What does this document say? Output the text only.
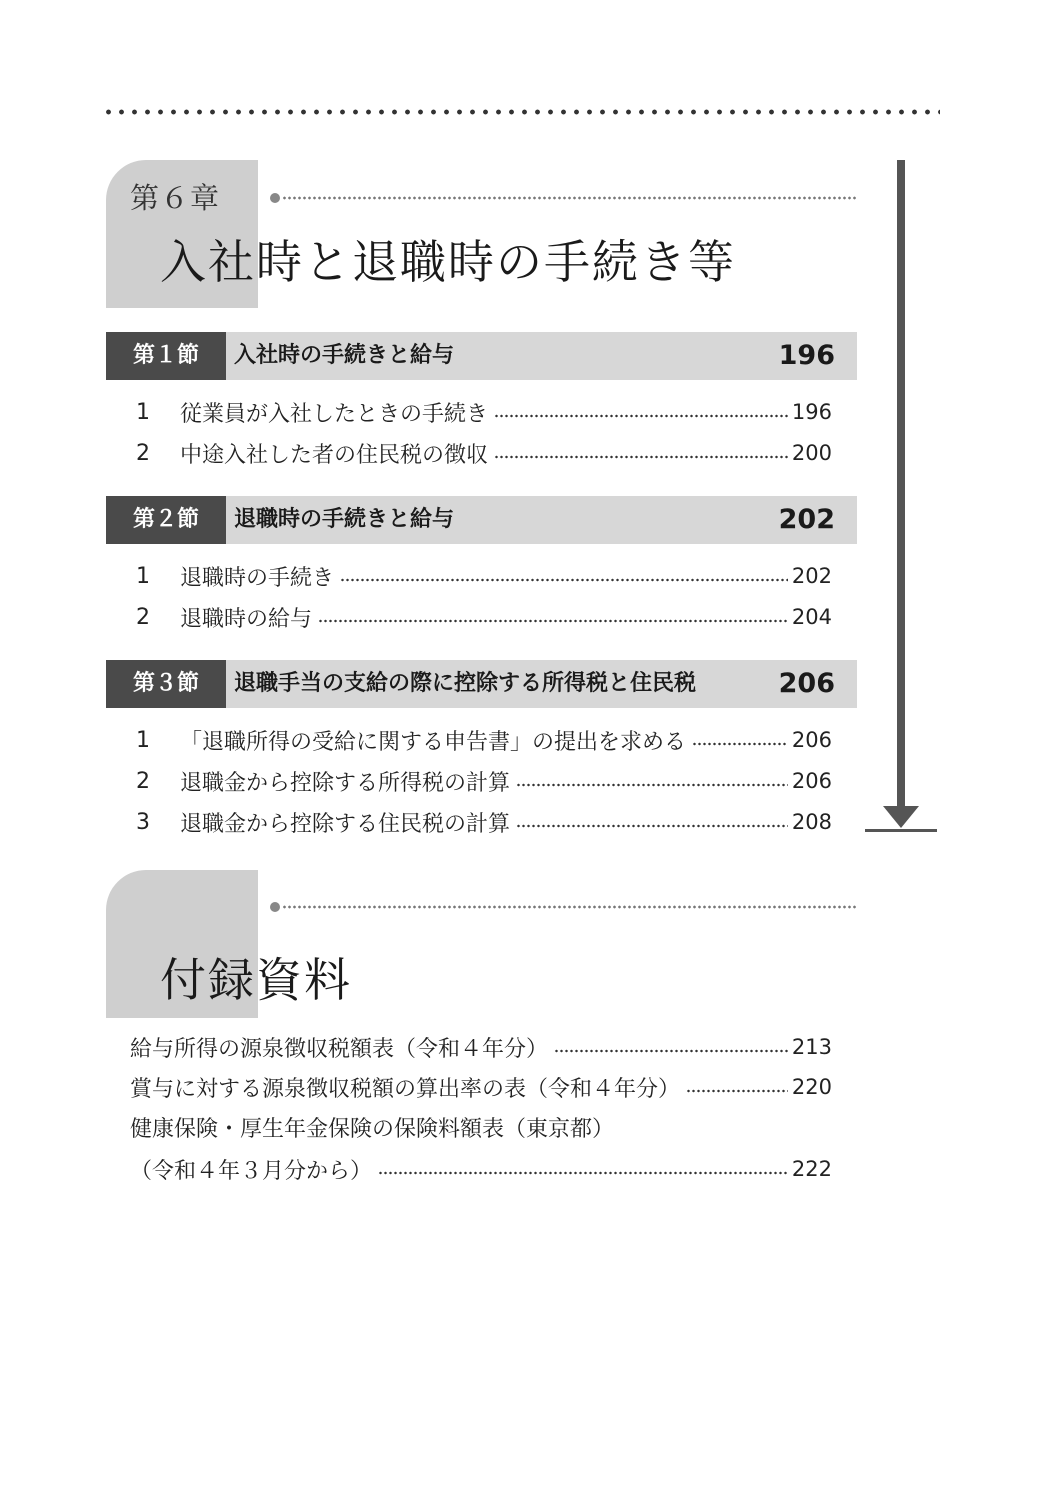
第６章
入社時と退職時の手続き等
第１節	入社時の手続きと給与	196
1	従業員が入社したときの手続き	196
2	中途入社した者の住民税の徴収	200
第２節	退職時の手続きと給与	202
1	退職時の手続き	202
2	退職時の給与	204
第３節	退職手当の支給の際に控除する所得税と住民税	206
1	「退職所得の受給に関する申告書」の提出を求める	206
2	退職金から控除する所得税の計算	206
3	退職金から控除する住民税の計算	208
付録資料
給与所得の源泉徴収税額表（令和４年分）	213
賞与に対する源泉徴収税額の算出率の表（令和４年分）	220
健康保険・厚生年金保険の保険料額表（東京都）
（令和４年３月分から）	222
